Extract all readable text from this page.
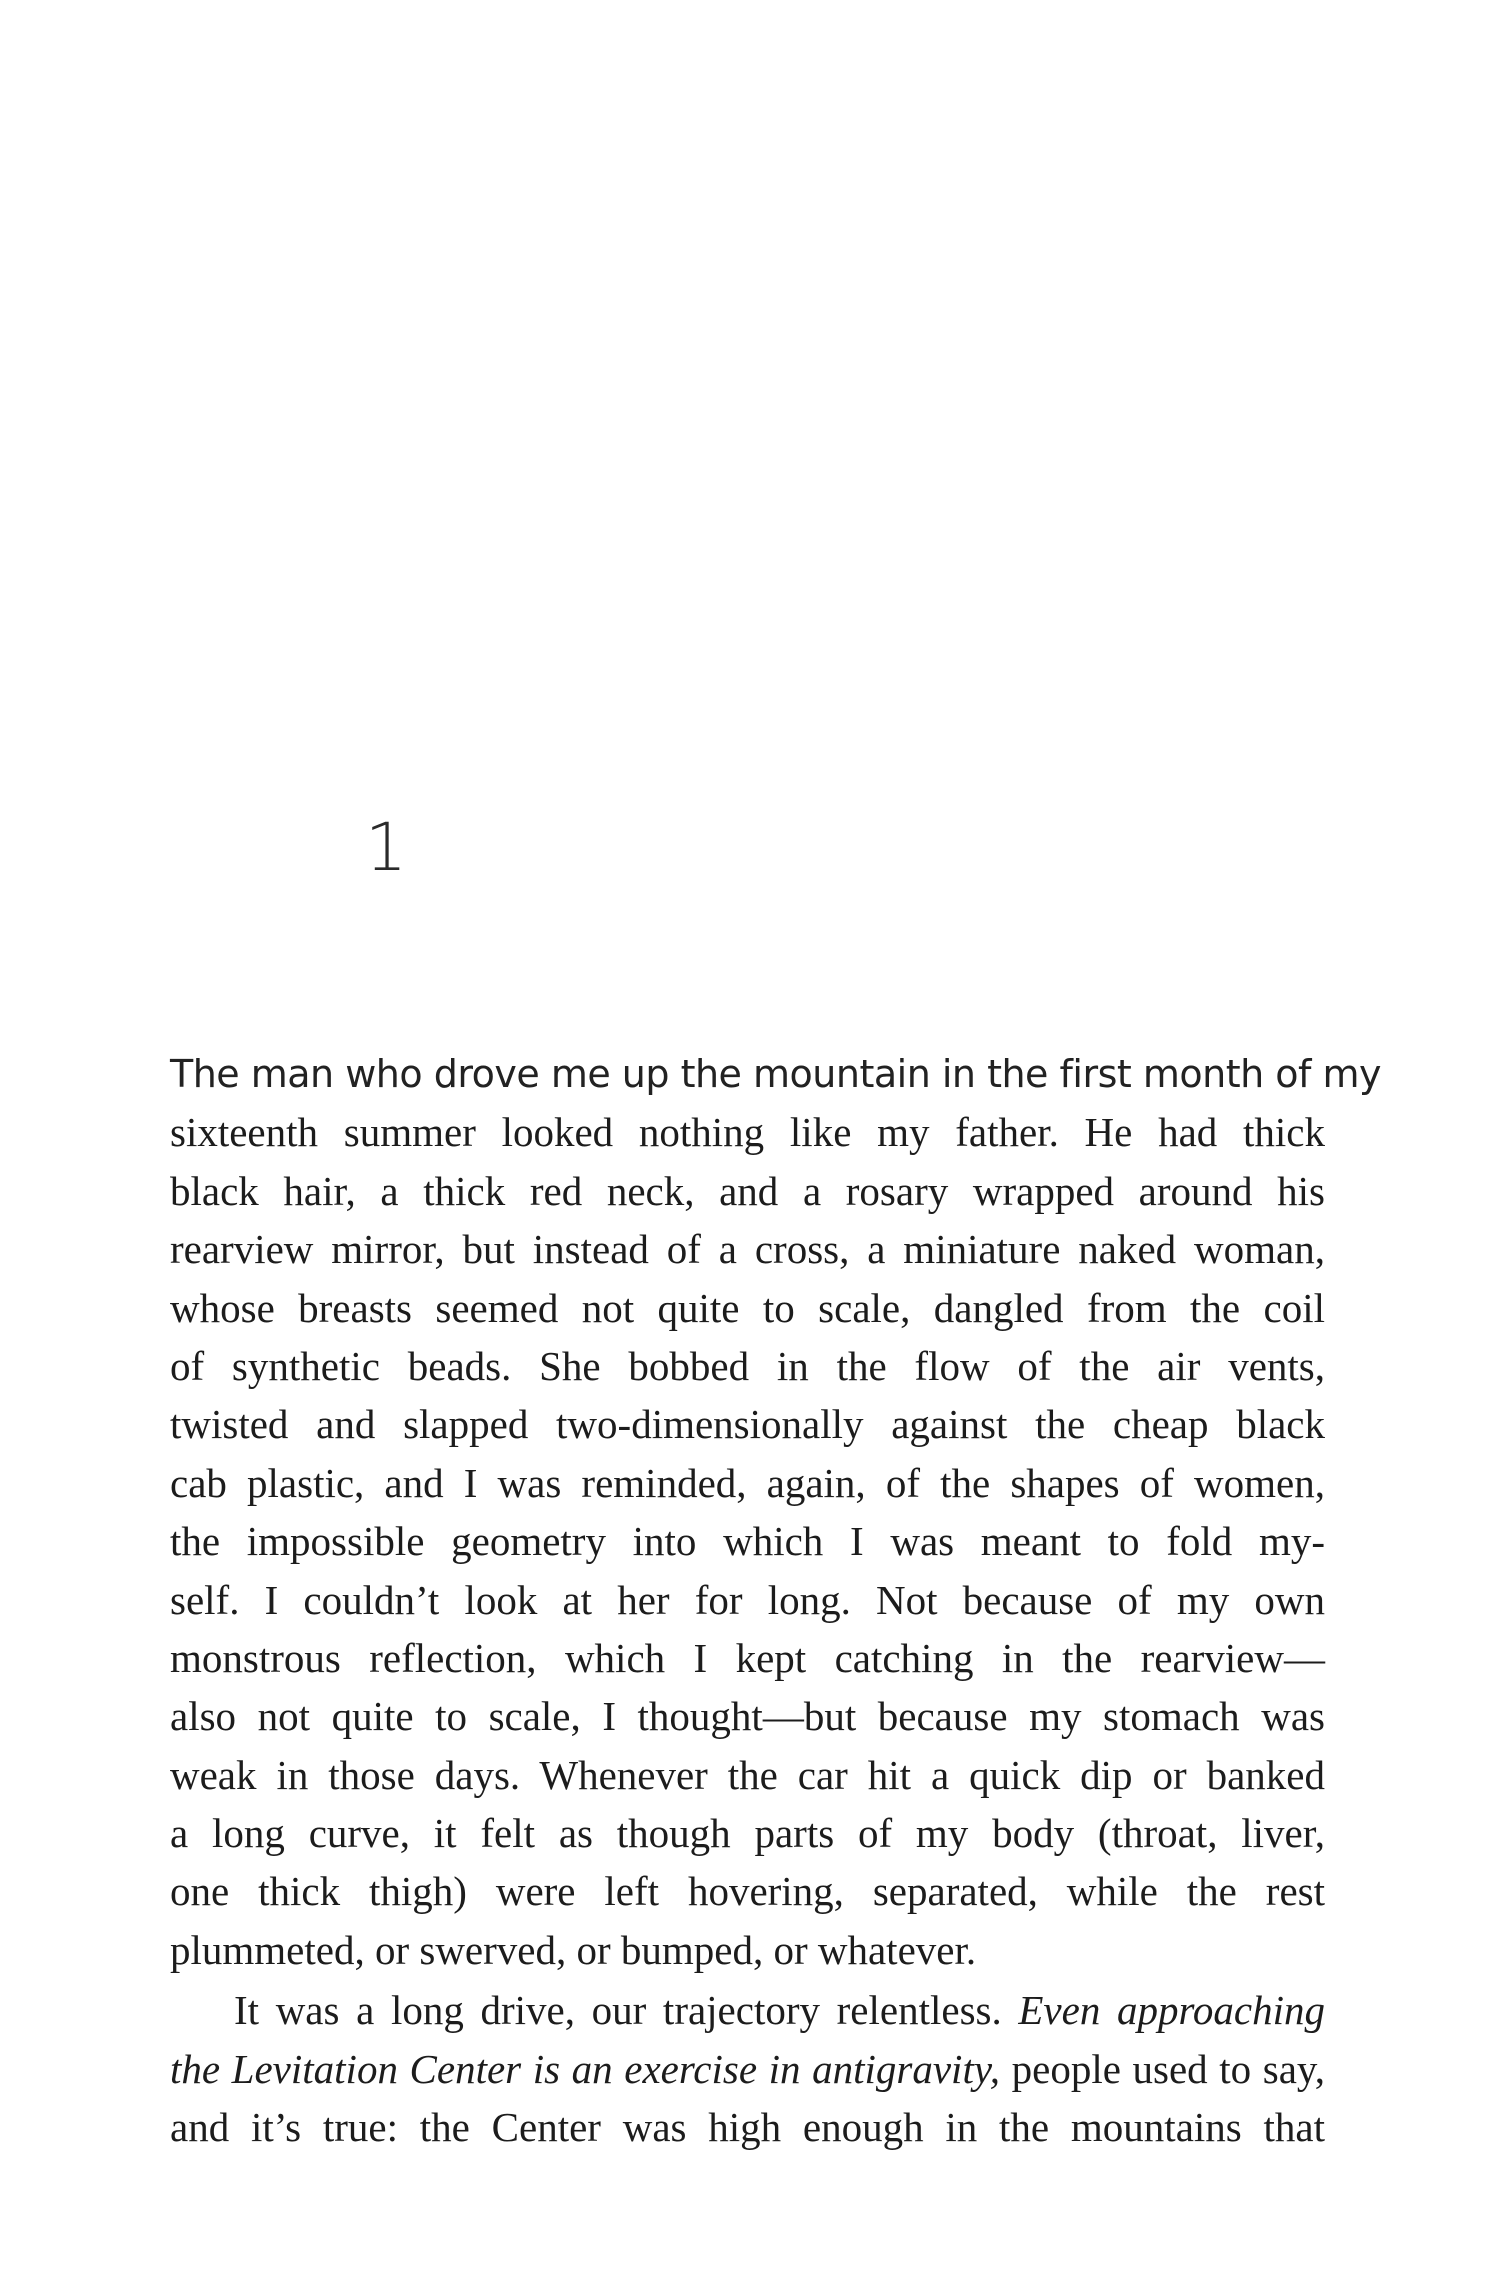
1
The man who drove me up the mountain in the first month of my
sixteenth summer looked nothing like my father. He had thick
black hair, a thick red neck, and a rosary wrapped around his
rearview mirror, but instead of a cross, a miniature naked woman,
whose breasts seemed not quite to scale, dangled from the coil
of synthetic beads. She bobbed in the flow of the air vents,
twisted and slapped two-dimensionally against the cheap black
cab plastic, and I was reminded, again, of the shapes of women,
the impossible geometry into which I was meant to fold my-
self. I couldn’t look at her for long. Not because of my own
monstrous reflection, which I kept catching in the rearview—
also not quite to scale, I thought—but because my stomach was
weak in those days. Whenever the car hit a quick dip or banked
a long curve, it felt as though parts of my body (throat, liver,
one thick thigh) were left hovering, separated, while the rest
plummeted, or swerved, or bumped, or whatever.
It was a long drive, our trajectory relentless. Even approaching
the Levitation Center is an exercise in antigravity, people used to say,
and it’s true: the Center was high enough in the mountains that
